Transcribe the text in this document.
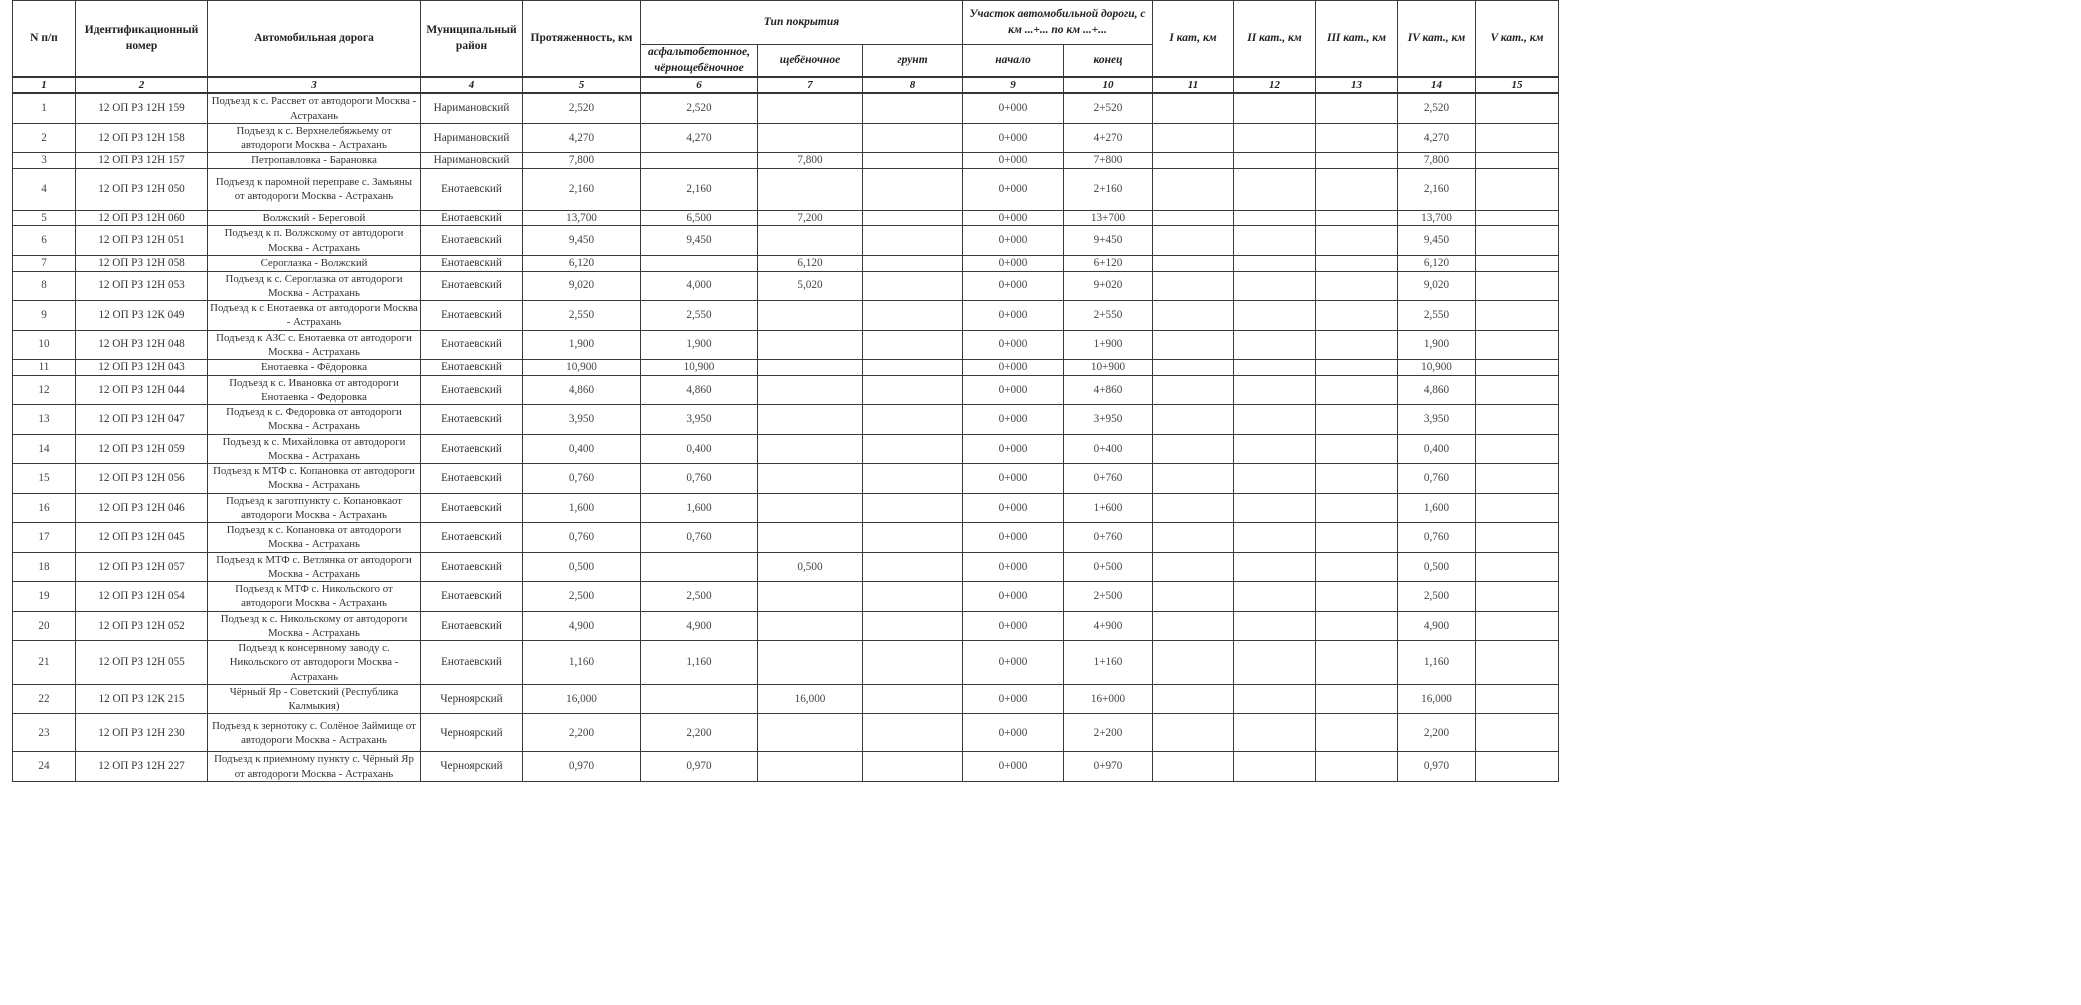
N п/п	Идентификационный номер	Автомобильная дорога	Муниципальный район	Протяженность, км	Тип покрытия			Участок автомобильной дороги, с км ...+... по км ...+...		I кат, км	II кат., км	III кат., км	IV кат., км	V кат., км
					асфальтобетонное, чёрнощебёночное	щебёночное	грунт	начало	конец					
1	2	3	4	5	6	7	8	9	10	11	12	13	14	15
1	12 ОП РЗ 12Н 159	Подъезд к с. Рассвет от автодороги Москва - Астрахань	Наримановский	2,520	2,520			0+000	2+520				2,520	
2	12 ОП РЗ 12Н 158	Подъезд к с. Верхнелебяжьему от автодороги Москва - Астрахань	Наримановский	4,270	4,270			0+000	4+270				4,270	
3	12 ОП РЗ 12Н 157	Петропавловка - Барановка	Наримановский	7,800		7,800		0+000	7+800				7,800	
4	12 ОП РЗ 12Н 050	Подъезд к паромной переправе с. Замьяны от автодороги Москва - Астрахань	Енотаевский	2,160	2,160			0+000	2+160				2,160	
5	12 ОП РЗ 12Н 060	Волжский - Береговой	Енотаевский	13,700	6,500	7,200		0+000	13+700				13,700	
6	12 ОП РЗ 12Н 051	Подъезд к п. Волжскому от автодороги Москва - Астрахань	Енотаевский	9,450	9,450			0+000	9+450				9,450	
7	12 ОП РЗ 12Н 058	Сероглазка - Волжский	Енотаевский	6,120		6,120		0+000	6+120				6,120	
8	12 ОП РЗ 12Н 053	Подъезд к с. Сероглазка от автодороги Москва - Астрахань	Енотаевский	9,020	4,000	5,020		0+000	9+020				9,020	
9	12 ОП РЗ 12К 049	Подъезд к с Енотаевка от автодороги Москва - Астрахань	Енотаевский	2,550	2,550			0+000	2+550				2,550	
10	12 ОН РЗ 12Н 048	Подъезд к АЗС с. Енотаевка от автодороги Москва - Астрахань	Енотаевский	1,900	1,900			0+000	1+900				1,900	
11	12 ОП РЗ 12Н 043	Енотаевка - Фёдоровка	Енотаевский	10,900	10,900			0+000	10+900				10,900	
12	12 ОП РЗ 12Н 044	Подъезд к с. Ивановка от автодороги Енотаевка - Федоровка	Енотаевский	4,860	4,860			0+000	4+860				4,860	
13	12 ОП РЗ 12Н 047	Подъезд к с. Федоровка от автодороги Москва - Астрахань	Енотаевский	3,950	3,950			0+000	3+950				3,950	
14	12 ОП РЗ 12Н 059	Подъезд к с. Михайловка от автодороги Москва - Астрахань	Енотаевский	0,400	0,400			0+000	0+400				0,400	
15	12 ОП РЗ 12Н 056	Подъезд к МТФ с. Копановка от автодороги Москва - Астрахань	Енотаевский	0,760	0,760			0+000	0+760				0,760	
16	12 ОП РЗ 12Н 046	Подъезд к заготпункту с. Копановкаот автодороги Москва - Астрахань	Енотаевский	1,600	1,600			0+000	1+600				1,600	
17	12 ОП РЗ 12Н 045	Подъезд к с. Копановка от автодороги Москва - Астрахань	Енотаевский	0,760	0,760			0+000	0+760				0,760	
18	12 ОП РЗ 12Н 057	Подъезд к МТФ с. Ветлянка от автодороги Москва - Астрахань	Енотаевский	0,500		0,500		0+000	0+500				0,500	
19	12 ОП РЗ 12Н 054	Подъезд к МТФ с. Никольского от автодороги Москва - Астрахань	Енотаевский	2,500	2,500			0+000	2+500				2,500	
20	12 ОП РЗ 12Н 052	Подъезд к с. Никольскому от автодороги Москва - Астрахань	Енотаевский	4,900	4,900			0+000	4+900				4,900	
21	12 ОП РЗ 12Н 055	Подъезд к консервному заводу с. Никольского от автодороги Москва - Астрахань	Енотаевский	1,160	1,160			0+000	1+160				1,160	
22	12 ОП РЗ 12К 215	Чёрный Яр - Советский (Республика Калмыкия)	Черноярский	16,000		16,000		0+000	16+000				16,000	
23	12 ОП РЗ 12Н 230	Подъезд к зернотоку с. Солёное Займище от автодороги Москва - Астрахань	Черноярский	2,200	2,200			0+000	2+200				2,200	
24	12 ОП РЗ 12Н 227	Подъезд к приемному пункту с. Чёрный Яр от автодороги Москва - Астрахань	Черноярский	0,970	0,970			0+000	0+970				0,970	
